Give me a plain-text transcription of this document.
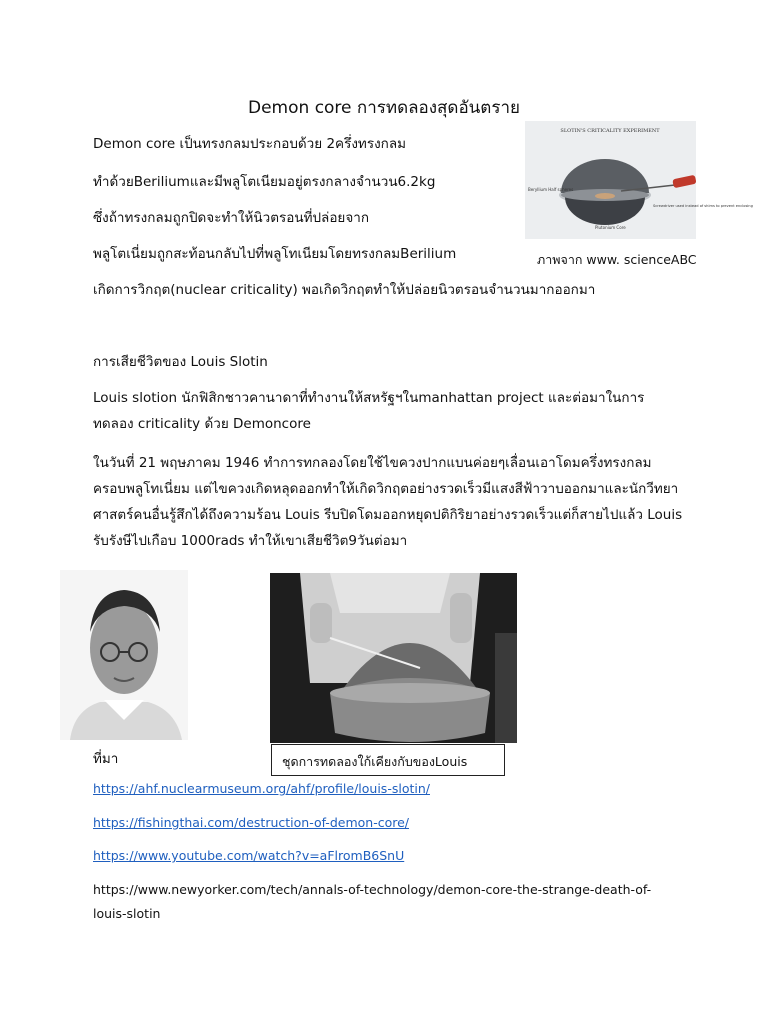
Demon core การทดลองสุดอันตราย
Demon core เป็นทรงกลมประกอบด้วย 2ครึ่งทรงกลม
ทำด้วยBeriliumและมีพลูโตเนียมอยู่ตรงกลางจำนวน6.2kg
ซึ่งถ้าทรงกลมถูกปิดจะทำให้นิวตรอนที่ปล่อยจาก
พลูโตเนี่ยมถูกสะท้อนกลับไปที่พลูโทเนียมโดยทรงกลมBerilium
เกิดการวิกฤต(nuclear criticality) พอเกิดวิกฤตทำให้ปล่อยนิวตรอนจำนวนมากออกมา
SLOTIN'S CRITICALITY EXPERIMENT
Beryllium Half spheres
Screwdriver used instead of shims to prevent enclosing
Plutonium Core
ภาพจาก www. scienceABC
การเสียชีวิตของ Louis Slotin
Louis slotion นักฟิสิกชาวคานาดาที่ทำงานให้สหรัฐฯในmanhattan project และต่อมาในการทดลอง criticality ด้วย Demoncore
ในวันที่ 21 พฤษภาคม 1946 ทำการทกลองโดยใช้ไขควงปากแบนค่อยๆเลื่อนเอาโดมครึ่งทรงกลมครอบพลูโทเนี่ยม แต่ไขควงเกิดหลุดออกทำให้เกิดวิกฤตอย่างรวดเร็วมีแสงสีฟ้าวาบออกมาและนักวีทยาศาสตร์คนอื่นรู้สึกได้ถึงความร้อน Louis รีบปิดโดมออกหยุดปติกิริยาอย่างรวดเร็วแต่ก็สายไปแล้ว Louis รับรังษีไปเกือบ 1000rads ทำให้เขาเสียชีวิต9วันต่อมา
ที่มา	ชุดการทดลองใก้เคียงกับของLouis
https://ahf.nuclearmuseum.org/ahf/profile/louis-slotin/
https://fishingthai.com/destruction-of-demon-core/
https://www.youtube.com/watch?v=aFlromB6SnU
https://www.newyorker.com/tech/annals-of-technology/demon-core-the-strange-death-of-louis-slotin
